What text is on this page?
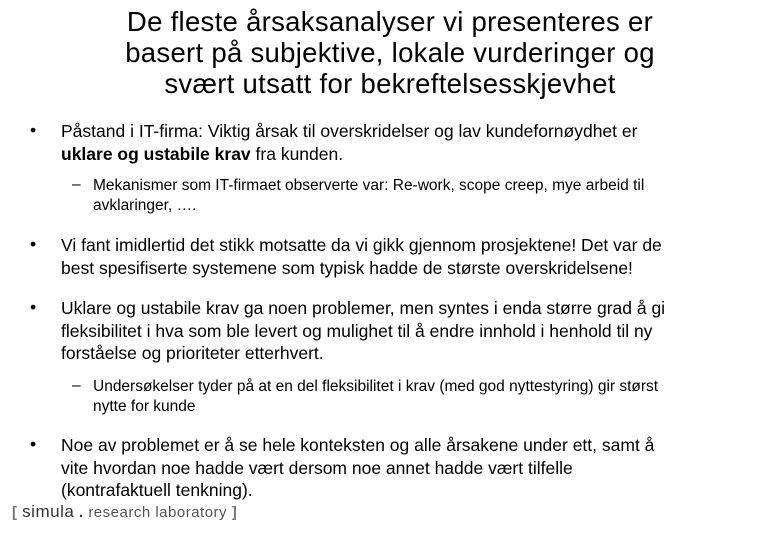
De fleste årsaksanalyser vi presenteres er
basert på subjektive, lokale vurderinger og
svært utsatt for bekreftelsesskjevhet
• Påstand i IT-firma: Viktig årsak til overskridelser og lav kundefornøydhet er
uklare og ustabile krav fra kunden.
– Mekanismer som IT-firmaet observerte var: Re-work, scope creep, mye arbeid til
avklaringer, ….
• Vi fant imidlertid det stikk motsatte da vi gikk gjennom prosjektene! Det var de
best spesifiserte systemene som typisk hadde de største overskridelsene!
• Uklare og ustabile krav ga noen problemer, men syntes i enda større grad å gi
fleksibilitet i hva som ble levert og mulighet til å endre innhold i henhold til ny
forståelse og prioriteter etterhvert.
– Undersøkelser tyder på at en del fleksibilitet i krav (med god nyttestyring) gir størst
nytte for kunde
• Noe av problemet er å se hele konteksten og alle årsakene under ett, samt å
vite hvordan noe hadde vært dersom noe annet hadde vært tilfelle
(kontrafaktuell tenkning).
[ simula . research laboratory ]
